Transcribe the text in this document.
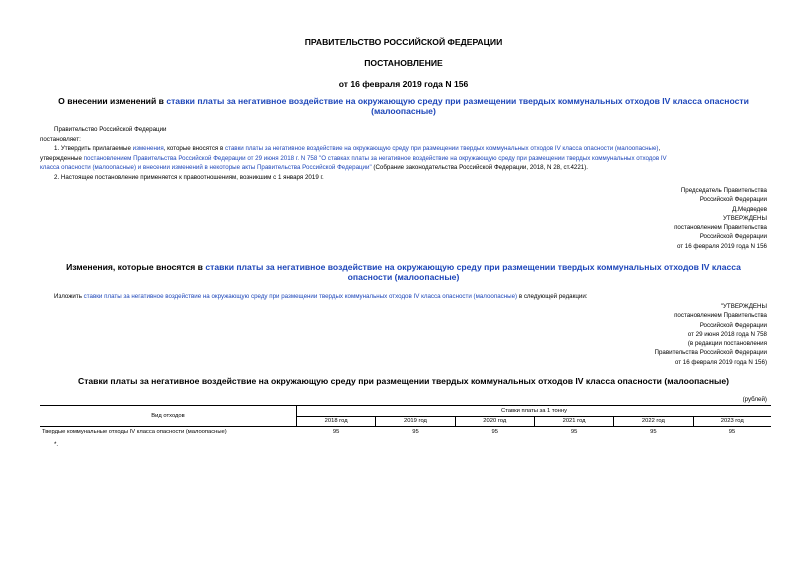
ПРАВИТЕЛЬСТВО РОССИЙСКОЙ ФЕДЕРАЦИИ
ПОСТАНОВЛЕНИЕ
от 16 февраля 2019 года N 156
О внесении изменений в ставки платы за негативное воздействие на окружающую среду при размещении твердых коммунальных отходов IV класса опасности
(малоопасные)
Правительство Российской Федерации
постановляет:
1. Утвердить прилагаемые изменения, которые вносятся в ставки платы за негативное воздействие на окружающую среду при размещении твердых коммунальных отходов IV класса опасности (малоопасные),
утвержденные постановлением Правительства Российской Федерации от 29 июня 2018 г. N 758 "О ставках платы за негативное воздействие на окружающую среду при размещении твердых коммунальных отходов IV
класса опасности (малоопасные) и внесении изменений в некоторые акты Правительства Российской Федерации" (Собрание законодательства Российской Федерации, 2018, N 28, ст.4221).
2. Настоящее постановление применяется к правоотношениям, возникшим с 1 января 2019 г.
Председатель Правительства
Российской Федерации
Д.Медведев
УТВЕРЖДЕНЫ
постановлением Правительства
Российской Федерации
от 16 февраля 2019 года N 156
Изменения, которые вносятся в ставки платы за негативное воздействие на окружающую среду при размещении твердых коммунальных отходов IV класса
опасности (малоопасные)
Изложить ставки платы за негативное воздействие на окружающую среду при размещении твердых коммунальных отходов IV класса опасности (малоопасные) в следующей редакции:
"УТВЕРЖДЕНЫ
постановлением Правительства
Российской Федерации
от 29 июня 2018 года N 758
(в редакции постановления
Правительства Российской Федерации
от 16 февраля 2019 года N 156)
Ставки платы за негативное воздействие на окружающую среду при размещении твердых коммунальных отходов IV класса опасности (малоопасные)
(рублей)
Вид отходов	Ставки платы за 1 тонну					
	2018 год	2019 год	2020 год	2021 год	2022 год	2023 год
Твердые коммунальные отходы IV класса опасности (малоопасные)	95	95	95	95	95	95
*.
